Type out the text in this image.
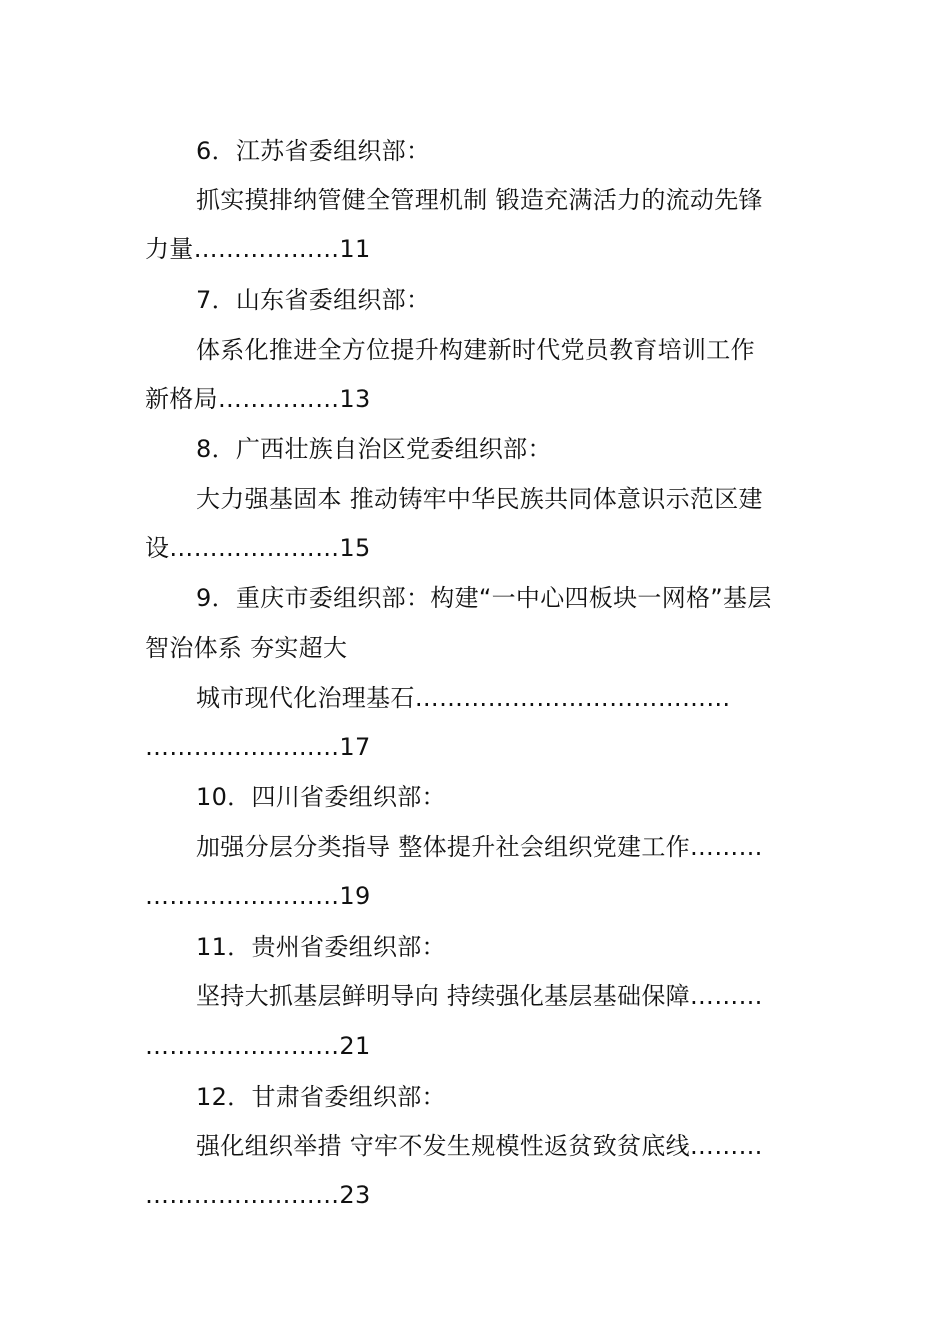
6．江苏省委组织部：
抓实摸排纳管健全管理机制 锻造充满活力的流动先锋
力量………………11
7．山东省委组织部：
体系化推进全方位提升构建新时代党员教育培训工作
新格局……………13
8．广西壮族自治区党委组织部：
大力强基固本 推动铸牢中华民族共同体意识示范区建
设…………………15
9．重庆市委组织部：构建“一中心四板块一网格”基层
智治体系 夯实超大
城市现代化治理基石…………………………………
……………………17
10．四川省委组织部：
加强分层分类指导 整体提升社会组织党建工作………
……………………19
11．贵州省委组织部：
坚持大抓基层鲜明导向 持续强化基层基础保障………
……………………21
12．甘肃省委组织部：
强化组织举措 守牢不发生规模性返贫致贫底线………
……………………23
